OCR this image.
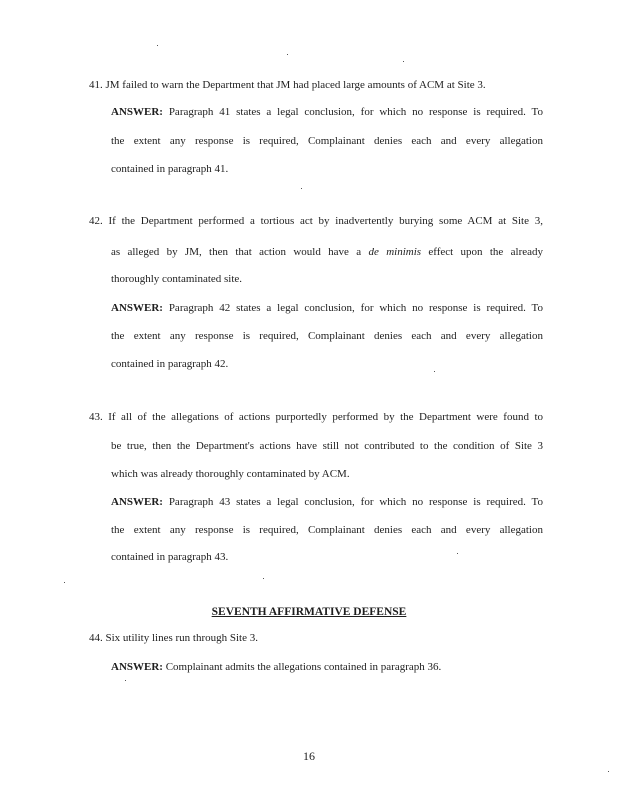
41. JM failed to warn the Department that JM had placed large amounts of ACM at Site 3.
ANSWER: Paragraph 41 states a legal conclusion, for which no response is required. To
the extent any response is required, Complainant denies each and every allegation
contained in paragraph 41.
42. If the Department performed a tortious act by inadvertently burying some ACM at Site 3,
as alleged by JM, then that action would have a de minimis effect upon the already
thoroughly contaminated site.
ANSWER: Paragraph 42 states a legal conclusion, for which no response is required. To
the extent any response is required, Complainant denies each and every allegation
contained in paragraph 42.
43. If all of the allegations of actions purportedly performed by the Department were found to
be true, then the Department's actions have still not contributed to the condition of Site 3
which was already thoroughly contaminated by ACM.
ANSWER: Paragraph 43 states a legal conclusion, for which no response is required. To
the extent any response is required, Complainant denies each and every allegation
contained in paragraph 43.
SEVENTH AFFIRMATIVE DEFENSE
44. Six utility lines run through Site 3.
ANSWER: Complainant admits the allegations contained in paragraph 36.
16
